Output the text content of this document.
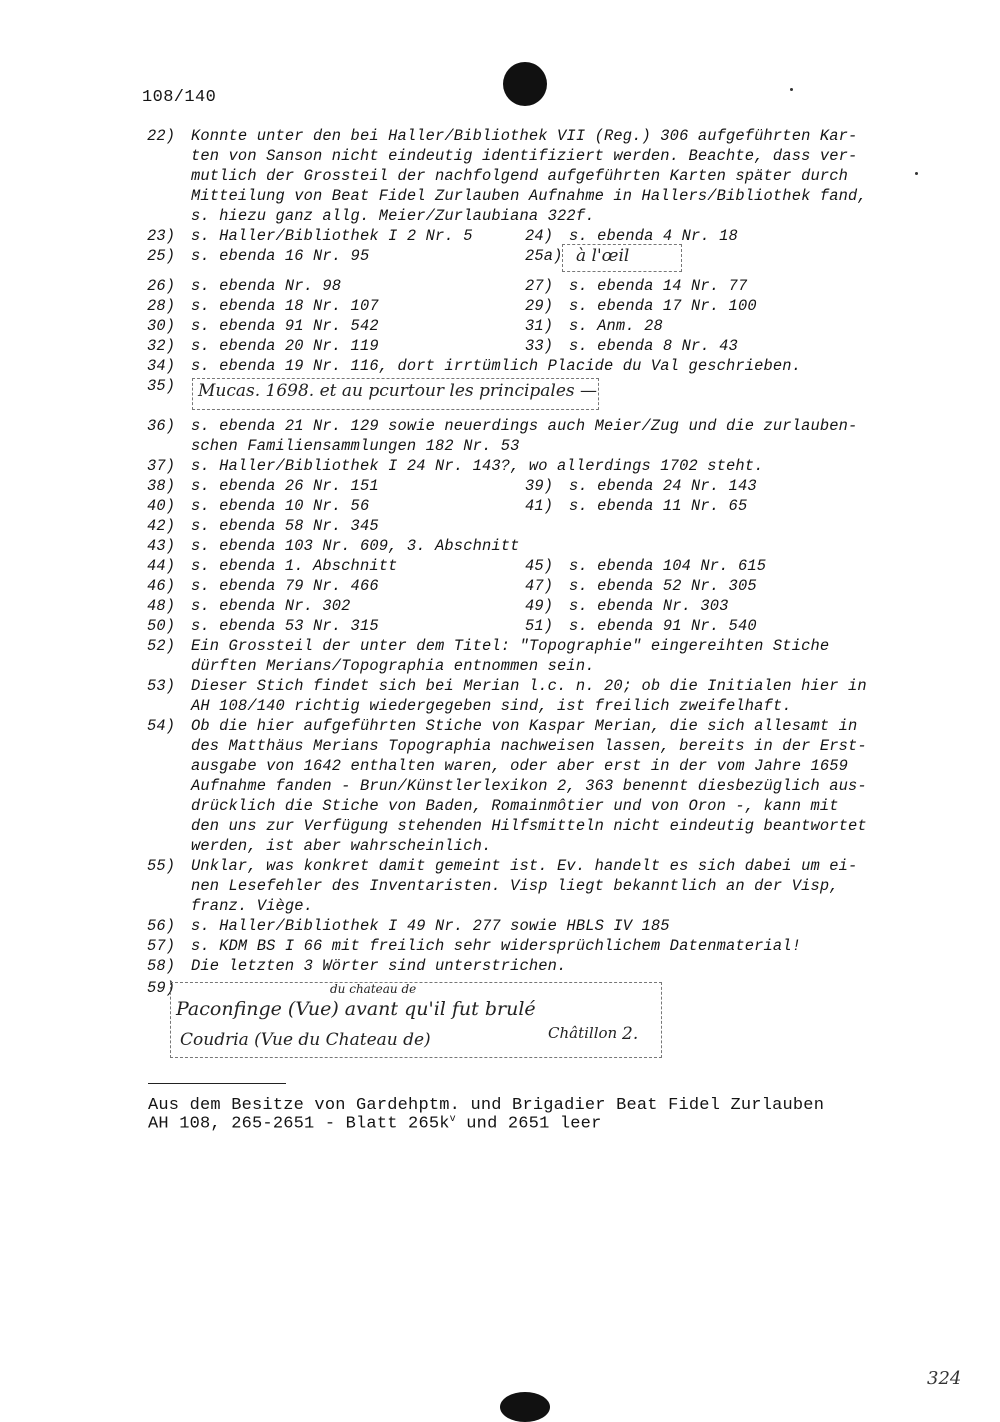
108/140
22) Konnte unter den bei Haller/Bibliothek VII (Reg.) 306 aufgeführten Kar-
ten von Sanson nicht eindeutig identifiziert werden. Beachte, dass ver-
mutlich der Grossteil der nachfolgend aufgeführten Karten später durch
Mitteilung von Beat Fidel Zurlauben Aufnahme in Hallers/Bibliothek fand,
s. hiezu ganz allg. Meier/Zurlaubiana 322f.
23) s. Haller/Bibliothek I 2 Nr. 5	24) s. ebenda 4 Nr. 18
25) s. ebenda 16 Nr. 95	25a) à l'œil
26) s. ebenda Nr. 98	27) s. ebenda 14 Nr. 77
28) s. ebenda 18 Nr. 107	29) s. ebenda 17 Nr. 100
30) s. ebenda 91 Nr. 542	31) s. Anm. 28
32) s. ebenda 20 Nr. 119	33) s. ebenda 8 Nr. 43
34) s. ebenda 19 Nr. 116, dort irrtümlich Placide du Val geschrieben.
35)	Mucas. 1698. et au pcurtour les principales —
36) s. ebenda 21 Nr. 129 sowie neuerdings auch Meier/Zug und die zurlauben-
schen Familiensammlungen 182 Nr. 53
37) s. Haller/Bibliothek I 24 Nr. 143?, wo allerdings 1702 steht.
38) s. ebenda 26 Nr. 151	39) s. ebenda 24 Nr. 143
40) s. ebenda 10 Nr. 56	41) s. ebenda 11 Nr. 65
42) s. ebenda 58 Nr. 345
43) s. ebenda 103 Nr. 609, 3. Abschnitt
44) s. ebenda 1. Abschnitt	45) s. ebenda 104 Nr. 615
46) s. ebenda 79 Nr. 466	47) s. ebenda 52 Nr. 305
48) s. ebenda Nr. 302	49) s. ebenda Nr. 303
50) s. ebenda 53 Nr. 315	51) s. ebenda 91 Nr. 540
52) Ein Grossteil der unter dem Titel: "Topographie" eingereihten Stiche
dürften Merians/Topographia entnommen sein.
53) Dieser Stich findet sich bei Merian l.c. n. 20; ob die Initialen hier in
AH 108/140 richtig wiedergegeben sind, ist freilich zweifelhaft.
54) Ob die hier aufgeführten Stiche von Kaspar Merian, die sich allesamt in
des Matthäus Merians Topographia nachweisen lassen, bereits in der Erst-
ausgabe von 1642 enthalten waren, oder aber erst in der vom Jahre 1659
Aufnahme fanden - Brun/Künstlerlexikon 2, 363 benennt diesbezüglich aus-
drücklich die Stiche von Baden, Romainmôtier und von Oron -, kann mit
den uns zur Verfügung stehenden Hilfsmitteln nicht eindeutig beantwortet
werden, ist aber wahrscheinlich.
55) Unklar, was konkret damit gemeint ist. Ev. handelt es sich dabei um ei-
nen Lesefehler des Inventaristen. Visp liegt bekanntlich an der Visp,
franz. Viège.
56) s. Haller/Bibliothek I 49 Nr. 277 sowie HBLS IV 185
57) s. KDM BS I 66 mit freilich sehr widersprüchlichem Datenmaterial!
58) Die letzten 3 Wörter sind unterstrichen.
59)	du chateau de
Paconfinge (Vue) avant qu'il fut brulé
Coudria (Vue du Chateau de)	Châtillon 2.
Aus dem Besitze von Gardehptm. und Brigadier Beat Fidel Zurlauben
AH 108, 265-2651 - Blatt $265k^v$ und 2651 leer
324
